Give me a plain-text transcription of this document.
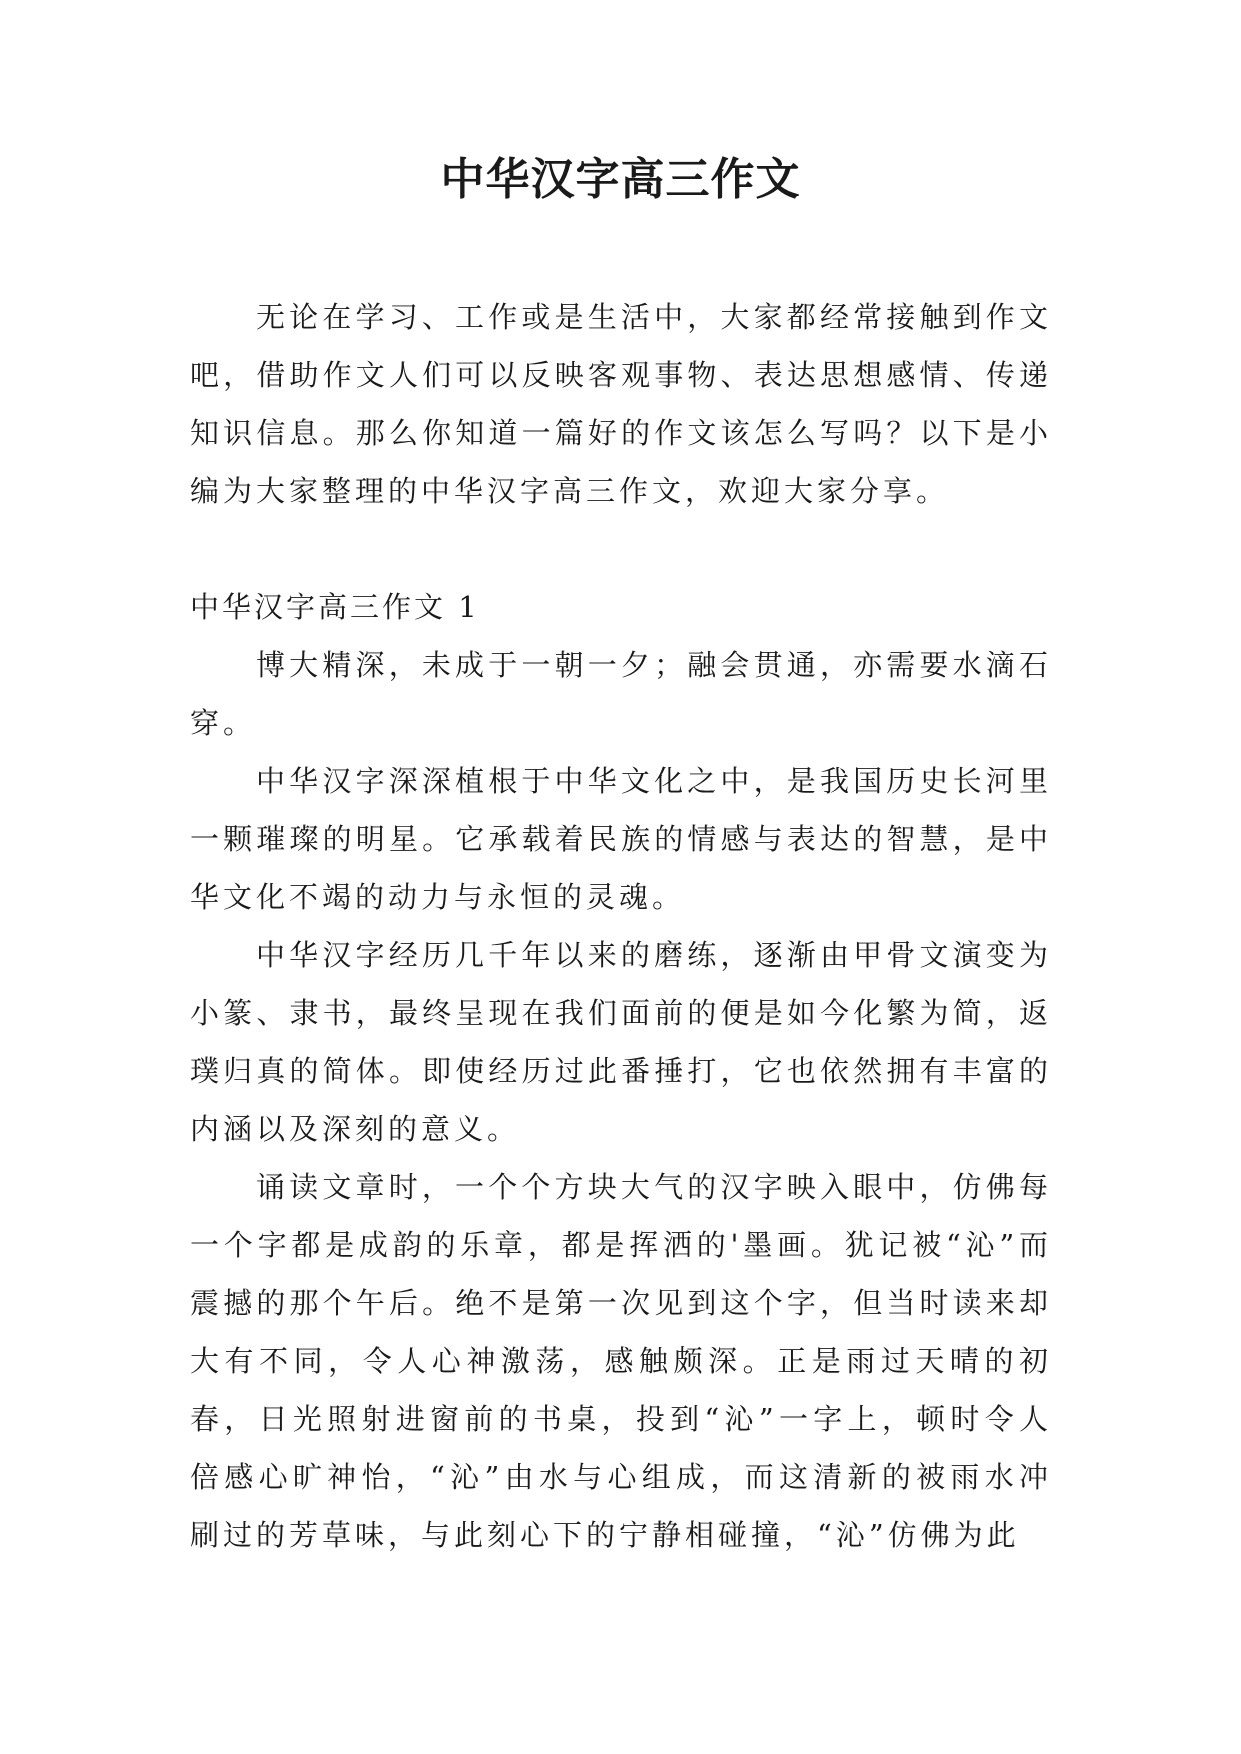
中华汉字高三作文

无论在学习、工作或是生活中，大家都经常接触到作文吧，借助作文人们可以反映客观事物、表达思想感情、传递知识信息。那么你知道一篇好的作文该怎么写吗？以下是小编为大家整理的中华汉字高三作文，欢迎大家分享。

中华汉字高三作文 1

博大精深，未成于一朝一夕；融会贯通，亦需要水滴石穿。

中华汉字深深植根于中华文化之中，是我国历史长河里一颗璀璨的明星。它承载着民族的情感与表达的智慧，是中华文化不竭的动力与永恒的灵魂。

中华汉字经历几千年以来的磨练，逐渐由甲骨文演变为小篆、隶书，最终呈现在我们面前的便是如今化繁为简，返璞归真的简体。即使经历过此番捶打，它也依然拥有丰富的内涵以及深刻的意义。

诵读文章时，一个个方块大气的汉字映入眼中，仿佛每一个字都是成韵的乐章，都是挥洒的'墨画。犹记被“沁”而震撼的那个午后。绝不是第一次见到这个字，但当时读来却大有不同，令人心神激荡，感触颇深。正是雨过天晴的初春，日光照射进窗前的书桌，投到“沁”一字上，顿时令人倍感心旷神怡，“沁”由水与心组成，而这清新的被雨水冲刷过的芳草味，与此刻心下的宁静相碰撞，“沁”仿佛为此
